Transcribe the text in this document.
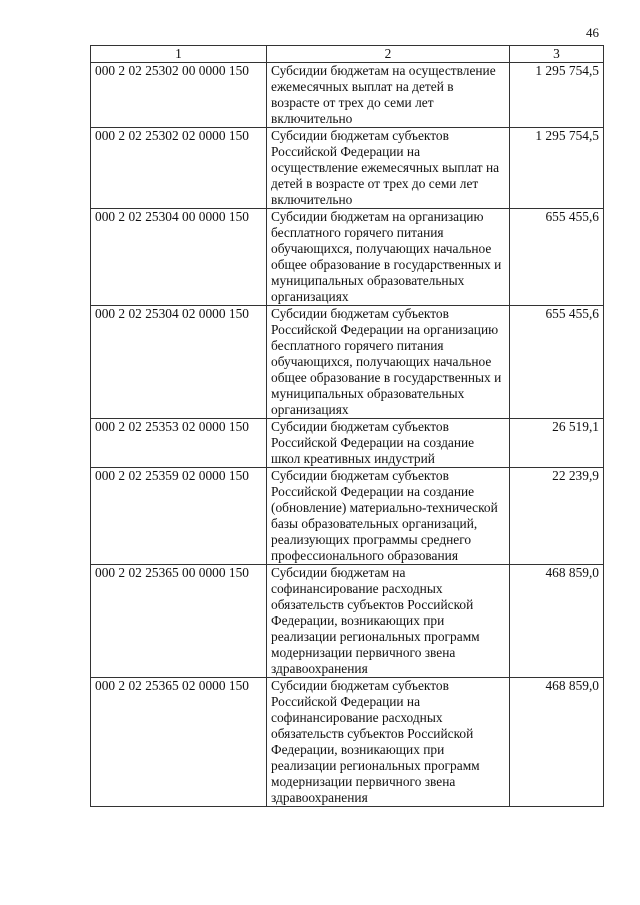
46
1	2	3
000 2 02 25302 00 0000 150	Субсидии бюджетам на осуществление ежемесячных выплат на детей в возрасте от трех до семи лет включительно	1 295 754,5
000 2 02 25302 02 0000 150	Субсидии бюджетам субъектов Российской Федерации на осуществление ежемесячных выплат на детей в возрасте от трех до семи лет включительно	1 295 754,5
000 2 02 25304 00 0000 150	Субсидии бюджетам на организацию бесплатного горячего питания обучающихся, получающих начальное общее образование в государственных и муниципальных образовательных организациях	655 455,6
000 2 02 25304 02 0000 150	Субсидии бюджетам субъектов Российской Федерации на организацию бесплатного горячего питания обучающихся, получающих начальное общее образование в государственных и муниципальных образовательных организациях	655 455,6
000 2 02 25353 02 0000 150	Субсидии бюджетам субъектов Российской Федерации на создание школ креативных индустрий	26 519,1
000 2 02 25359 02 0000 150	Субсидии бюджетам субъектов Российской Федерации на создание (обновление) материально-технической базы образовательных организаций, реализующих программы среднего профессионального образования	22 239,9
000 2 02 25365 00 0000 150	Субсидии бюджетам на софинансирование расходных обязательств субъектов Российской Федерации, возникающих при реализации региональных программ модернизации первичного звена здравоохранения	468 859,0
000 2 02 25365 02 0000 150	Субсидии бюджетам субъектов Российской Федерации на софинансирование расходных обязательств субъектов Российской Федерации, возникающих при реализации региональных программ модернизации первичного звена здравоохранения	468 859,0
